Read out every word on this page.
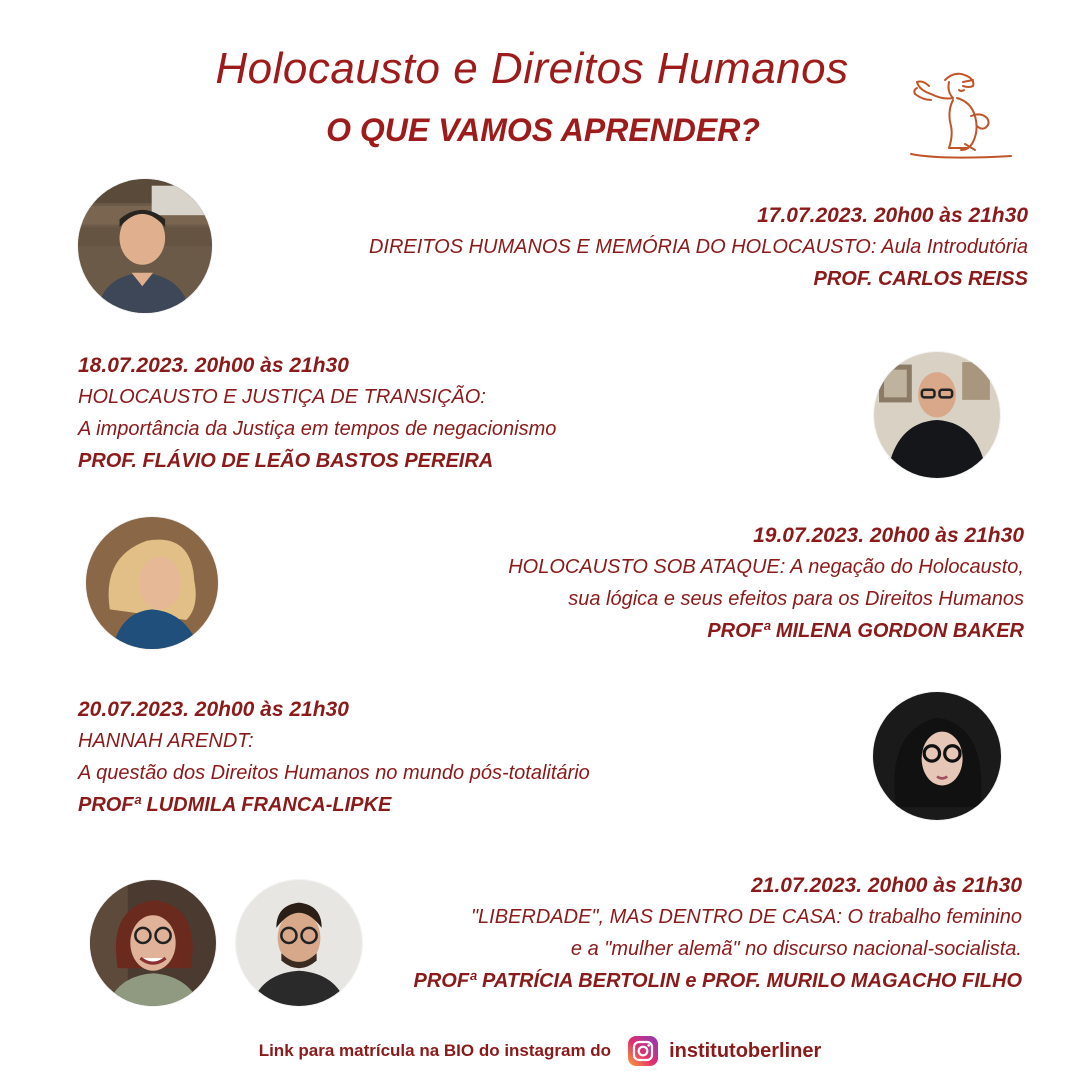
Holocausto e Direitos Humanos
O QUE VAMOS APRENDER?
17.07.2023. 20h00 às 21h30
DIREITOS HUMANOS E MEMÓRIA DO HOLOCAUSTO: Aula Introdutória
PROF. CARLOS REISS
18.07.2023. 20h00 às 21h30
HOLOCAUSTO E JUSTIÇA DE TRANSIÇÃO:
A importância da Justiça em tempos de negacionismo
PROF. FLÁVIO DE LEÃO BASTOS PEREIRA
19.07.2023. 20h00 às 21h30
HOLOCAUSTO SOB ATAQUE: A negação do Holocausto,
sua lógica e seus efeitos para os Direitos Humanos
PROFª MILENA GORDON BAKER
20.07.2023. 20h00 às 21h30
HANNAH ARENDT:
A questão dos Direitos Humanos no mundo pós-totalitário
PROFª LUDMILA FRANCA-LIPKE
21.07.2023. 20h00 às 21h30
"LIBERDADE", MAS DENTRO DE CASA: O trabalho feminino
e a "mulher alemã" no discurso nacional-socialista.
PROFª PATRÍCIA BERTOLIN e PROF. MURILO MAGACHO FILHO
Link para matrícula na BIO do instagram do	institutoberliner
